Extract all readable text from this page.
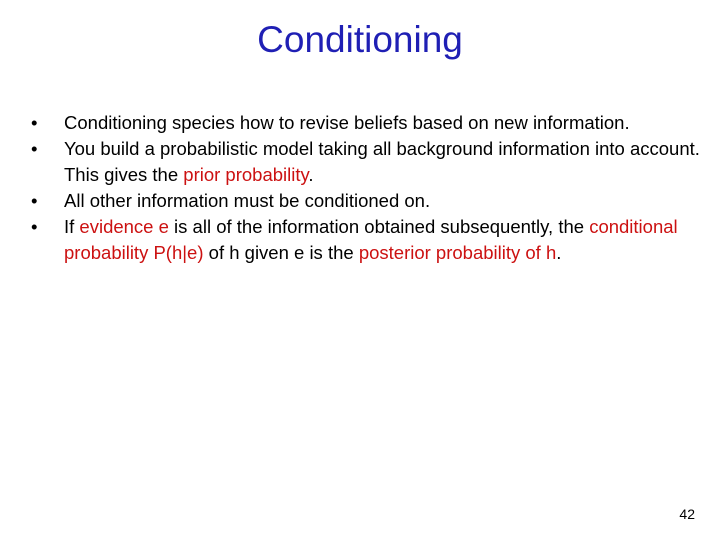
Conditioning
•	Conditioning species how to revise beliefs based on new information.
•	You build a probabilistic model taking all background information into account. This gives the prior probability.
•	All other information must be conditioned on.
•	If evidence e is all of the information obtained subsequently, the conditional probability P(h|e) of h given e is the posterior probability of h.
42
